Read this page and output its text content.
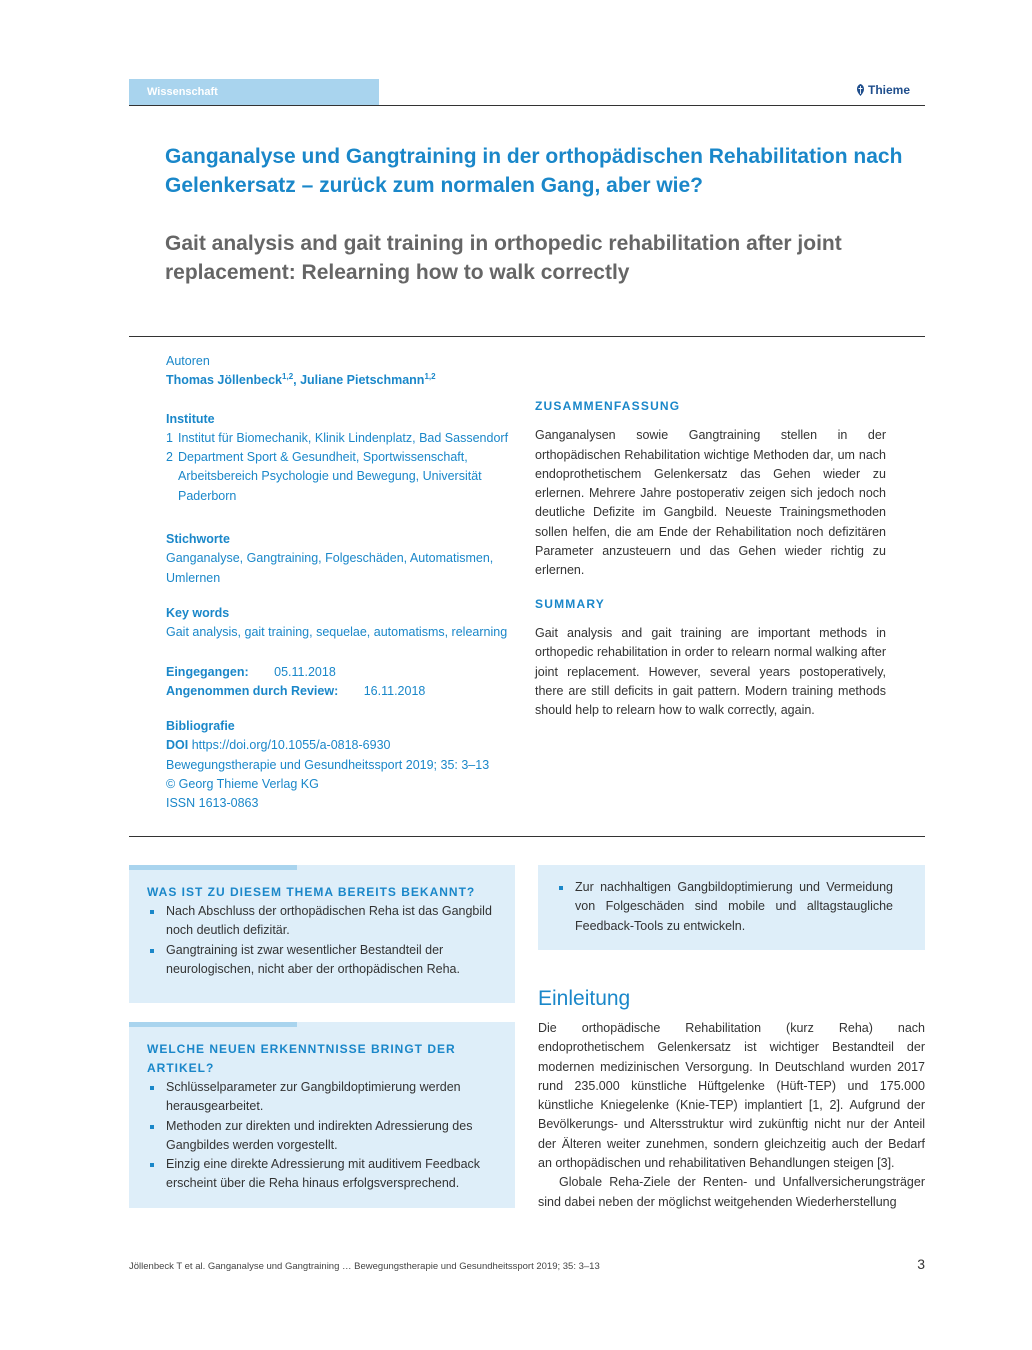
Wissenschaft	Thieme
Ganganalyse und Gangtraining in der orthopädischen Rehabilitation nach Gelenkersatz – zurück zum normalen Gang, aber wie?
Gait analysis and gait training in orthopedic rehabilitation after joint replacement: Relearning how to walk correctly
Autoren
Thomas Jöllenbeck$^{1,2}$, Juliane Pietschmann$^{1,2}$
Institute
1 Institut für Biomechanik, Klinik Lindenplatz, Bad Sassendorf
2 Department Sport & Gesundheit, Sportwissenschaft, Arbeitsbereich Psychologie und Bewegung, Universität Paderborn
Stichworte
Ganganalyse, Gangtraining, Folgeschäden, Automatismen, Umlernen
Key words
Gait analysis, gait training, sequelae, automatisms, relearning
Eingegangen: 05.11.2018
Angenommen durch Review: 16.11.2018
Bibliografie
DOI https://doi.org/10.1055/a-0818-6930
Bewegungstherapie und Gesundheitssport 2019; 35: 3–13
© Georg Thieme Verlag KG
ISSN 1613-0863
ZUSAMMENFASSUNG
Ganganalysen sowie Gangtraining stellen in der orthopädischen Rehabilitation wichtige Methoden dar, um nach endoprothetischem Gelenkersatz das Gehen wieder zu erlernen. Mehrere Jahre postoperativ zeigen sich jedoch noch deutliche Defizite im Gangbild. Neueste Trainingsmethoden sollen helfen, die am Ende der Rehabilitation noch defizitären Parameter anzusteuern und das Gehen wieder richtig zu erlernen.
SUMMARY
Gait analysis and gait training are important methods in orthopedic rehabilitation in order to relearn normal walking after joint replacement. However, several years postoperatively, there are still deficits in gait pattern. Modern training methods should help to relearn how to walk correctly, again.
WAS IST ZU DIESEM THEMA BEREITS BEKANNT?
Nach Abschluss der orthopädischen Reha ist das Gangbild noch deutlich defizitär.
Gangtraining ist zwar wesentlicher Bestandteil der neurologischen, nicht aber der orthopädischen Reha.
WELCHE NEUEN ERKENNTNISSE BRINGT DER ARTIKEL?
Schlüsselparameter zur Gangbildoptimierung werden herausgearbeitet.
Methoden zur direkten und indirekten Adressierung des Gangbildes werden vorgestellt.
Einzig eine direkte Adressierung mit auditivem Feedback erscheint über die Reha hinaus erfolgsversprechend.
Zur nachhaltigen Gangbildoptimierung und Vermeidung von Folgeschäden sind mobile und alltagstaugliche Feedback-Tools zu entwickeln.
Einleitung
Die orthopädische Rehabilitation (kurz Reha) nach endoprothetischem Gelenkersatz ist wichtiger Bestandteil der modernen medizinischen Versorgung. In Deutschland wurden 2017 rund 235.000 künstliche Hüftgelenke (Hüft-TEP) und 175.000 künstliche Kniegelenke (Knie-TEP) implantiert [1, 2]. Aufgrund der Bevölkerungs- und Altersstruktur wird zukünftig nicht nur der Anteil der Älteren weiter zunehmen, sondern gleichzeitig auch der Bedarf an orthopädischen und rehabilitativen Behandlungen steigen [3].
Globale Reha-Ziele der Renten- und Unfallversicherungsträger sind dabei neben der möglichst weitgehenden Wiederherstellung
Jöllenbeck T et al. Ganganalyse und Gangtraining … Bewegungstherapie und Gesundheitssport 2019; 35: 3–13	3
